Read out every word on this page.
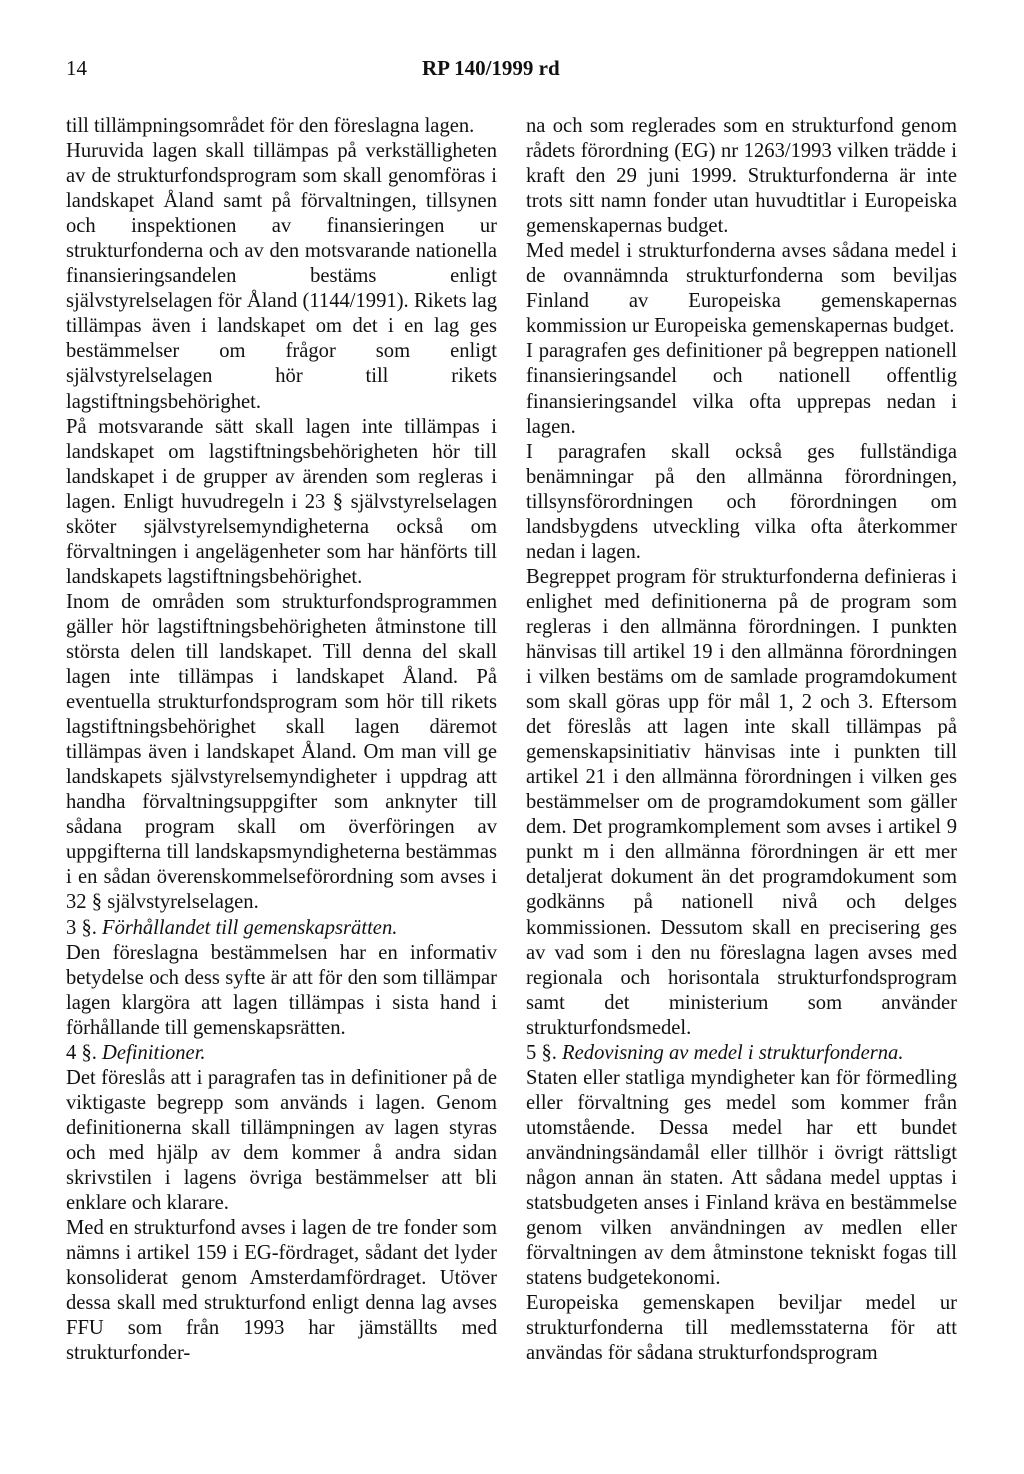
14	RP 140/1999 rd

till tillämpningsområdet för den föreslagna lagen.

Huruvida lagen skall tillämpas på verkställigheten av de strukturfondsprogram som skall genomföras i landskapet Åland samt på förvaltningen, tillsynen och inspektionen av finansieringen ur strukturfonderna och av den motsvarande nationella finansieringsandelen bestäms enligt självstyrelselagen för Åland (1144/1991). Rikets lag tillämpas även i landskapet om det i en lag ges bestämmelser om frågor som enligt självstyrelselagen hör till rikets lagstiftningsbehörighet.

På motsvarande sätt skall lagen inte tillämpas i landskapet om lagstiftningsbehörigheten hör till landskapet i de grupper av ärenden som regleras i lagen. Enligt huvudregeln i 23 § självstyrelselagen sköter självstyrelsemyndigheterna också om förvaltningen i angelägenheter som har hänförts till landskapets lagstiftningsbehörighet.

Inom de områden som strukturfondsprogrammen gäller hör lagstiftningsbehörigheten åtminstone till största delen till landskapet. Till denna del skall lagen inte tillämpas i landskapet Åland. På eventuella strukturfondsprogram som hör till rikets lagstiftningsbehörighet skall lagen däremot tillämpas även i landskapet Åland. Om man vill ge landskapets självstyrelsemyndigheter i uppdrag att handha förvaltningsuppgifter som anknyter till sådana program skall om överföringen av uppgifterna till landskapsmyndigheterna bestämmas i en sådan överenskommelseförordning som avses i 32 § självstyrelselagen.

3 §. Förhållandet till gemenskapsrätten.

Den föreslagna bestämmelsen har en informativ betydelse och dess syfte är att för den som tillämpar lagen klargöra att lagen tillämpas i sista hand i förhållande till gemenskapsrätten.

4 §. Definitioner.

Det föreslås att i paragrafen tas in definitioner på de viktigaste begrepp som används i lagen. Genom definitionerna skall tillämpningen av lagen styras och med hjälp av dem kommer å andra sidan skrivstilen i lagens övriga bestämmelser att bli enklare och klarare.

Med en strukturfond avses i lagen de tre fonder som nämns i artikel 159 i EG-fördraget, sådant det lyder konsoliderat genom Amsterdamfördraget. Utöver dessa skall med strukturfond enligt denna lag avses FFU som från 1993 har jämställts med strukturfonder-

na och som reglerades som en strukturfond genom rådets förordning (EG) nr 1263/1993 vilken trädde i kraft den 29 juni 1999. Strukturfonderna är inte trots sitt namn fonder utan huvudtitlar i Europeiska gemenskapernas budget.

Med medel i strukturfonderna avses sådana medel i de ovannämnda strukturfonderna som beviljas Finland av Europeiska gemenskapernas kommission ur Europeiska gemenskapernas budget.

I paragrafen ges definitioner på begreppen nationell finansieringsandel och nationell offentlig finansieringsandel vilka ofta upprepas nedan i lagen.

I paragrafen skall också ges fullständiga benämningar på den allmänna förordningen, tillsynsförordningen och förordningen om landsbygdens utveckling vilka ofta återkommer nedan i lagen.

Begreppet program för strukturfonderna definieras i enlighet med definitionerna på de program som regleras i den allmänna förordningen. I punkten hänvisas till artikel 19 i den allmänna förordningen i vilken bestäms om de samlade programdokument som skall göras upp för mål 1, 2 och 3. Eftersom det föreslås att lagen inte skall tillämpas på gemenskapsinitiativ hänvisas inte i punkten till artikel 21 i den allmänna förordningen i vilken ges bestämmelser om de programdokument som gäller dem. Det programkomplement som avses i artikel 9 punkt m i den allmänna förordningen är ett mer detaljerat dokument än det programdokument som godkänns på nationell nivå och delges kommissionen. Dessutom skall en precisering ges av vad som i den nu föreslagna lagen avses med regionala och horisontala strukturfondsprogram samt det ministerium som använder strukturfondsmedel.

5 §. Redovisning av medel i strukturfonderna.

Staten eller statliga myndigheter kan för förmedling eller förvaltning ges medel som kommer från utomstående. Dessa medel har ett bundet användningsändamål eller tillhör i övrigt rättsligt någon annan än staten. Att sådana medel upptas i statsbudgeten anses i Finland kräva en bestämmelse genom vilken användningen av medlen eller förvaltningen av dem åtminstone tekniskt fogas till statens budgetekonomi.

Europeiska gemenskapen beviljar medel ur strukturfonderna till medlemsstaterna för att användas för sådana strukturfondsprogram
